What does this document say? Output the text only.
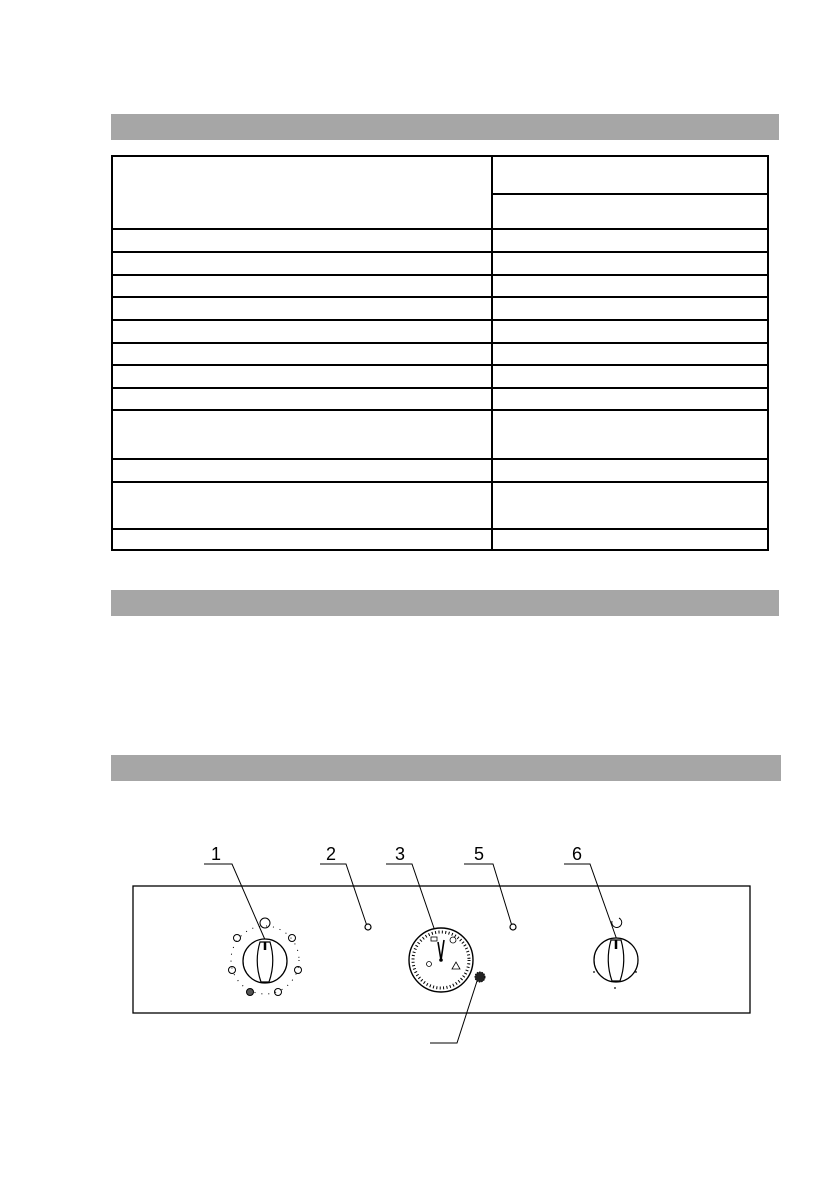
1	2	3	5	6
